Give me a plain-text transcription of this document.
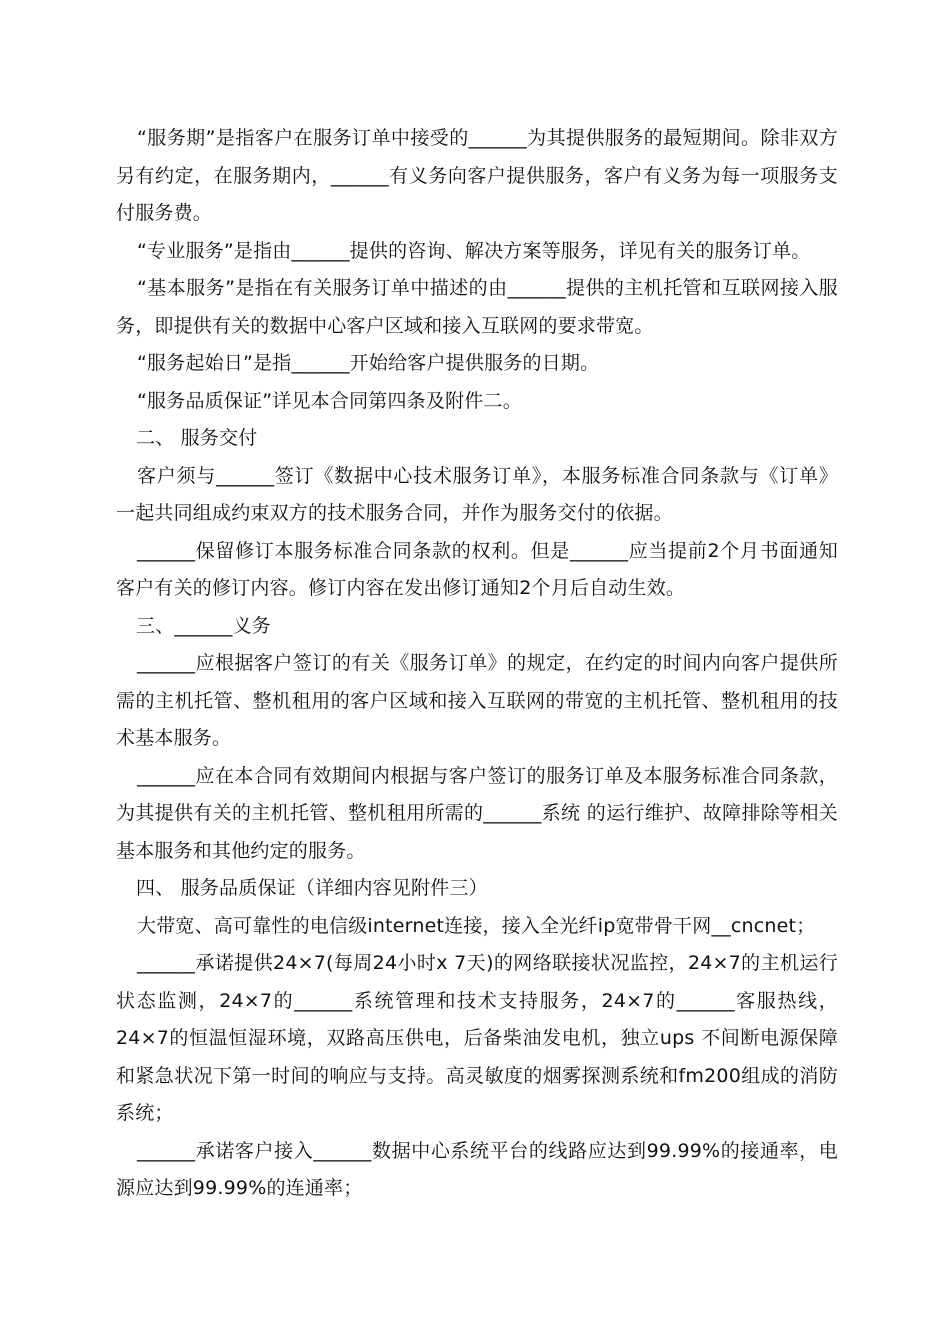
“服务期”是指客户在服务订单中接受的______为其提供服务的最短期间。除非双方另有约定，在服务期内，______有义务向客户提供服务，客户有义务为每一项服务支付服务费。

“专业服务”是指由______提供的咨询、解决方案等服务，详见有关的服务订单。

“基本服务”是指在有关服务订单中描述的由______提供的主机托管和互联网接入服务，即提供有关的数据中心客户区域和接入互联网的要求带宽。

“服务起始日”是指______开始给客户提供服务的日期。

“服务品质保证”详见本合同第四条及附件二。

二、 服务交付

客户须与______签订《数据中心技术服务订单》，本服务标准合同条款与《订单》一起共同组成约束双方的技术服务合同，并作为服务交付的依据。

______保留修订本服务标准合同条款的权利。但是______应当提前2个月书面通知客户有关的修订内容。修订内容在发出修订通知2个月后自动生效。

三、______义务

______应根据客户签订的有关《服务订单》的规定，在约定的时间内向客户提供所需的主机托管、整机租用的客户区域和接入互联网的带宽的主机托管、整机租用的技术基本服务。

______应在本合同有效期间内根据与客户签订的服务订单及本服务标准合同条款，为其提供有关的主机托管、整机租用所需的______系统 的运行维护、故障排除等相关基本服务和其他约定的服务。

四、 服务品质保证（详细内容见附件三）

大带宽、高可靠性的电信级internet连接，接入全光纤ip宽带骨干网__cncnet；

______承诺提供24×7(每周24小时x 7天)的网络联接状况监控，24×7的主机运行状态监测，24×7的______系统管理和技术支持服务，24×7的______客服热线，24×7的恒温恒湿环境，双路高压供电，后备柴油发电机，独立ups 不间断电源保障和紧急状况下第一时间的响应与支持。高灵敏度的烟雾探测系统和fm200组成的消防系统；

______承诺客户接入______数据中心系统平台的线路应达到99.99%的接通率，电源应达到99.99%的连通率；
